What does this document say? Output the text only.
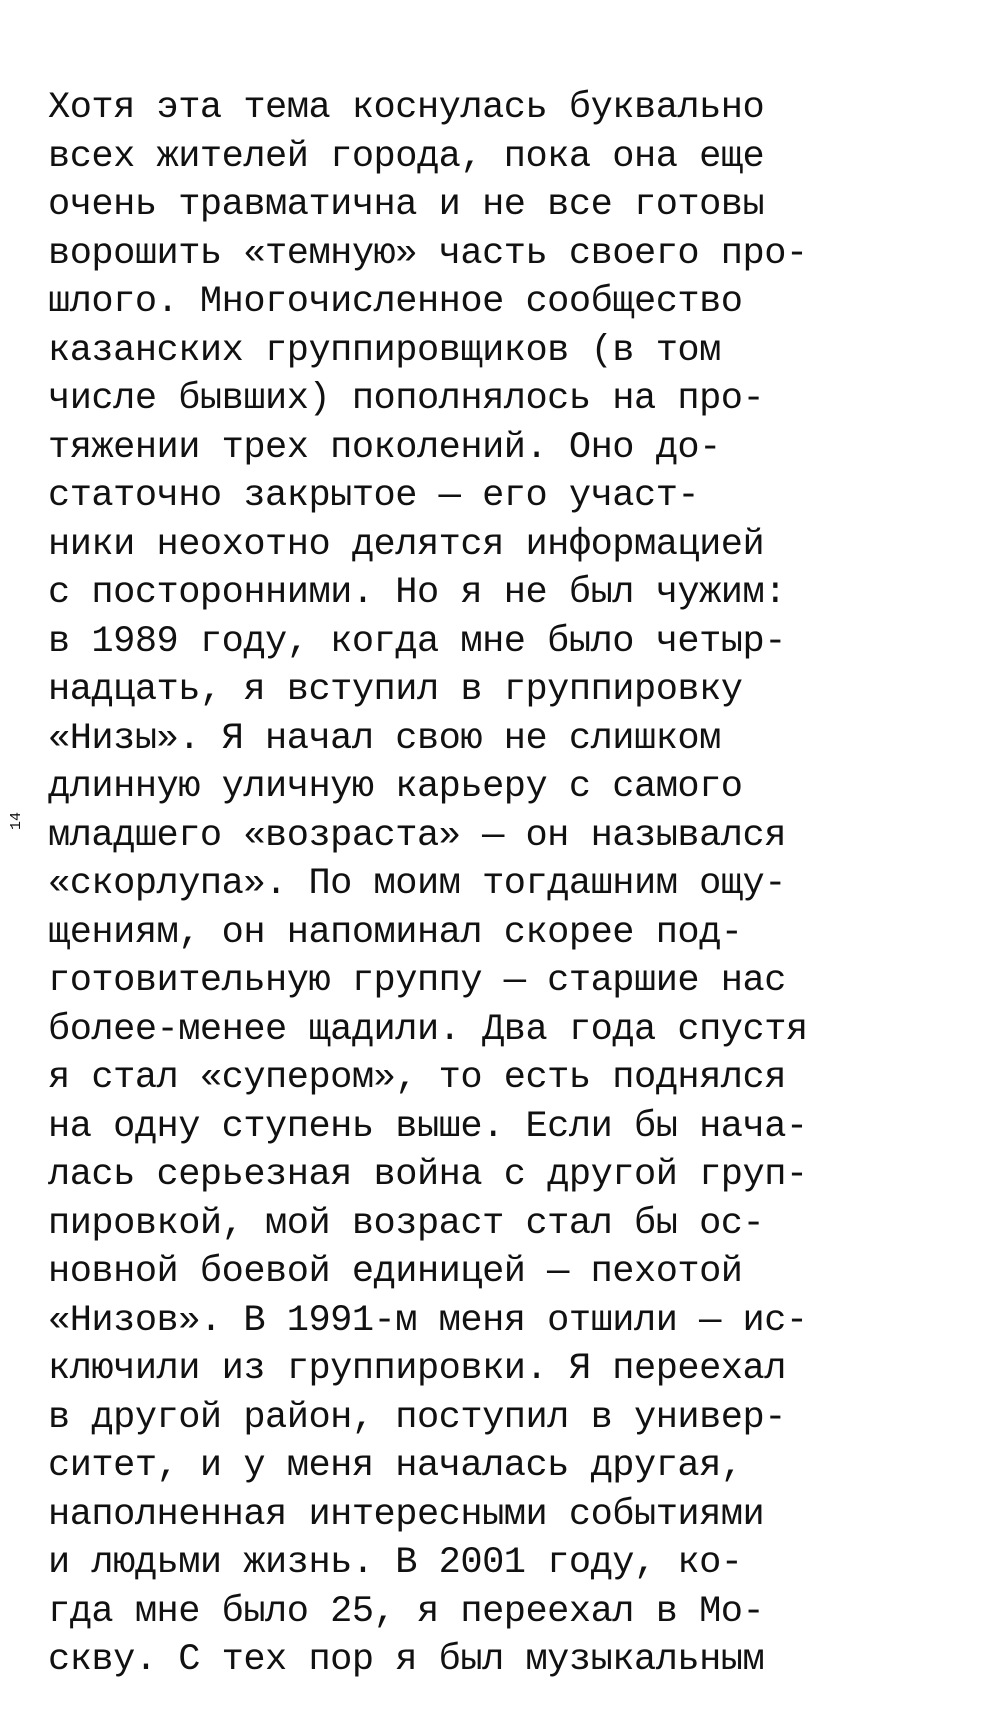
14
Хотя эта тема коснулась буквально
всех жителей города, пока она еще
очень травматична и не все готовы
ворошить «темную» часть своего про-
шлого. Многочисленное сообщество
казанских группировщиков (в том
числе бывших) пополнялось на про-
тяжении трех поколений. Оно до-
статочно закрытое — его участ-
ники неохотно делятся информацией
с посторонними. Но я не был чужим:
в 1989 году, когда мне было четыр-
надцать, я вступил в группировку
«Низы». Я начал свою не слишком
длинную уличную карьеру с самого
младшего «возраста» — он назывался
«скорлупа». По моим тогдашним ощу-
щениям, он напоминал скорее под-
готовительную группу — старшие нас
более-менее щадили. Два года спустя
я стал «супером», то есть поднялся
на одну ступень выше. Если бы нача-
лась серьезная война с другой груп-
пировкой, мой возраст стал бы ос-
новной боевой единицей — пехотой
«Низов». В 1991-м меня отшили — ис-
ключили из группировки. Я переехал
в другой район, поступил в универ-
ситет, и у меня началась другая,
наполненная интересными событиями
и людьми жизнь. В 2001 году, ко-
гда мне было 25, я переехал в Мо-
скву. С тех пор я был музыкальным
